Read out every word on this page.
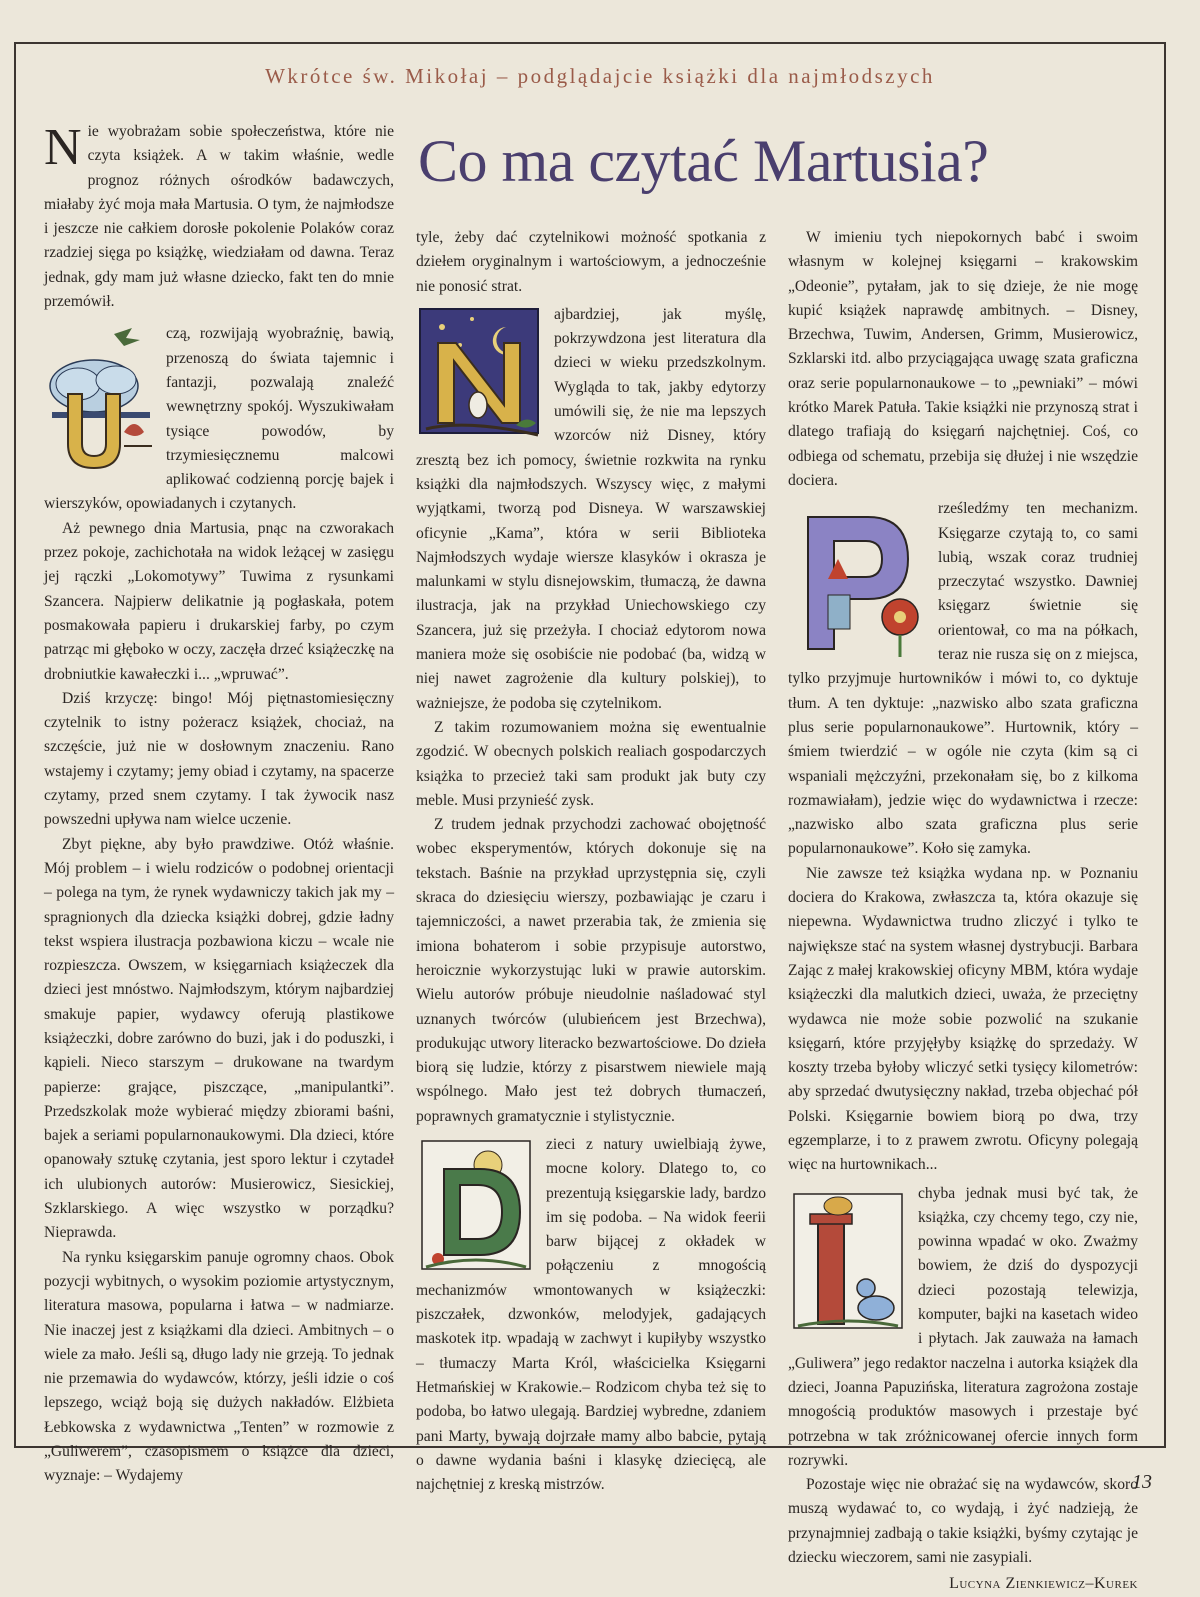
Wkrótce św. Mikołaj – podglądajcie książki dla najmłodszych
Co ma czytać Martusia?

Nie wyobrażam sobie społeczeństwa, które nie czyta książek. A w takim właśnie, wedle prognoz różnych ośrodków badawczych, miałaby żyć moja mała Martusia. O tym, że najmłodsze i jeszcze nie całkiem dorosłe pokolenie Polaków coraz rzadziej sięga po książkę, wiedziałam od dawna. Teraz jednak, gdy mam już własne dziecko, fakt ten do mnie przemówił.

czą, rozwijają wyobraźnię, bawią, przenoszą do świata tajemnic i fantazji, pozwalają znaleźć wewnętrzny spokój. Wyszukiwałam tysiące powodów, by trzymiesięcznemu malcowi aplikować codzienną porcję bajek i wierszyków, opowiadanych i czytanych.

Aż pewnego dnia Martusia, pnąc na czworakach przez pokoje, zachichotała na widok leżącej w zasięgu jej rączki „Lokomotywy” Tuwima z rysunkami Szancera. Najpierw delikatnie ją pogłaskała, potem posmakowała papieru i drukarskiej farby, po czym patrząc mi głęboko w oczy, zaczęła drzeć książeczkę na drobniutkie kawałeczki i... „wpruwać”.

Dziś krzyczę: bingo! Mój piętnastomiesięczny czytelnik to istny pożeracz książek, chociaż, na szczęście, już nie w dosłownym znaczeniu. Rano wstajemy i czytamy; jemy obiad i czytamy, na spacerze czytamy, przed snem czytamy. I tak żywocik nasz powszedni upływa nam wielce uczenie.

Zbyt piękne, aby było prawdziwe. Otóż właśnie. Mój problem – i wielu rodziców o podobnej orientacji – polega na tym, że rynek wydawniczy takich jak my – spragnionych dla dziecka książki dobrej, gdzie ładny tekst wspiera ilustracja pozbawiona kiczu – wcale nie rozpieszcza. Owszem, w księgarniach książeczek dla dzieci jest mnóstwo. Najmłodszym, którym najbardziej smakuje papier, wydawcy oferują plastikowe książeczki, dobre zarówno do buzi, jak i do poduszki, i kąpieli. Nieco starszym – drukowane na twardym papierze: grające, piszczące, „manipulantki”. Przedszkolak może wybierać między zbiorami baśni, bajek a seriami popularnonaukowymi. Dla dzieci, które opanowały sztukę czytania, jest sporo lektur i czytadeł ich ulubionych autorów: Musierowicz, Siesickiej, Szklarskiego. A więc wszystko w porządku? Nieprawda.

Na rynku księgarskim panuje ogromny chaos. Obok pozycji wybitnych, o wysokim poziomie artystycznym, literatura masowa, popularna i łatwa – w nadmiarze. Nie inaczej jest z książkami dla dzieci. Ambitnych – o wiele za mało. Jeśli są, długo lady nie grzeją. To jednak nie przemawia do wydawców, którzy, jeśli idzie o coś lepszego, wciąż boją się dużych nakładów. Elżbieta Łebkowska z wydawnictwa „Tenten” w rozmowie z „Guliwerem”, czasopismem o książce dla dzieci, wyznaje: – Wydajemy

tyle, żeby dać czytelnikowi możność spotkania z dziełem oryginalnym i wartościowym, a jednocześnie nie ponosić strat.

ajbardziej, jak myślę, pokrzywdzona jest literatura dla dzieci w wieku przedszkolnym. Wygląda to tak, jakby edytorzy umówili się, że nie ma lepszych wzorców niż Disney, który zresztą bez ich pomocy, świetnie rozkwita na rynku książki dla najmłodszych. Wszyscy więc, z małymi wyjątkami, tworzą pod Disneya. W warszawskiej oficynie „Kama”, która w serii Biblioteka Najmłodszych wydaje wiersze klasyków i okrasza je malunkami w stylu disnejowskim, tłumaczą, że dawna ilustracja, jak na przykład Uniechowskiego czy Szancera, już się przeżyła. I chociaż edytorom nowa maniera może się osobiście nie podobać (ba, widzą w niej nawet zagrożenie dla kultury polskiej), to ważniejsze, że podoba się czytelnikom.

Z takim rozumowaniem można się ewentualnie zgodzić. W obecnych polskich realiach gospodarczych książka to przecież taki sam produkt jak buty czy meble. Musi przynieść zysk.

Z trudem jednak przychodzi zachować obojętność wobec eksperymentów, których dokonuje się na tekstach. Baśnie na przykład uprzystępnia się, czyli skraca do dziesięciu wierszy, pozbawiając je czaru i tajemniczości, a nawet przerabia tak, że zmienia się imiona bohaterom i sobie przypisuje autorstwo, heroicznie wykorzystując luki w prawie autorskim. Wielu autorów próbuje nieudolnie naśladować styl uznanych twórców (ulubieńcem jest Brzechwa), produkując utwory literacko bezwartościowe. Do dzieła biorą się ludzie, którzy z pisarstwem niewiele mają wspólnego. Mało jest też dobrych tłumaczeń, poprawnych gramatycznie i stylistycznie.

zieci z natury uwielbiają żywe, mocne kolory. Dlatego to, co prezentują księgarskie lady, bardzo im się podoba. – Na widok feerii barw bijącej z okładek w połączeniu z mnogością mechanizmów wmontowanych w książeczki: piszczałek, dzwonków, melodyjek, gadających maskotek itp. wpadają w zachwyt i kupiłyby wszystko – tłumaczy Marta Król, właścicielka Księgarni Hetmańskiej w Krakowie.– Rodzicom chyba też się to podoba, bo łatwo ulegają. Bardziej wybredne, zdaniem pani Marty, bywają dojrzałe mamy albo babcie, pytają o dawne wydania baśni i klasykę dziecięcą, ale najchętniej z kreską mistrzów.

W imieniu tych niepokornych babć i swoim własnym w kolejnej księgarni – krakowskim „Odeonie”, pytałam, jak to się dzieje, że nie mogę kupić książek naprawdę ambitnych. – Disney, Brzechwa, Tuwim, Andersen, Grimm, Musierowicz, Szklarski itd. albo przyciągająca uwagę szata graficzna oraz serie popularnonaukowe – to „pewniaki” – mówi krótko Marek Patuła. Takie książki nie przynoszą strat i dlatego trafiają do księgarń najchętniej. Coś, co odbiega od schematu, przebija się dłużej i nie wszędzie dociera.

rześledźmy ten mechanizm. Księgarze czytają to, co sami lubią, wszak coraz trudniej przeczytać wszystko. Dawniej księgarz świetnie się orientował, co ma na półkach, teraz nie rusza się on z miejsca, tylko przyjmuje hurtowników i mówi to, co dyktuje tłum. A ten dyktuje: „nazwisko albo szata graficzna plus serie popularnonaukowe”. Hurtownik, który – śmiem twierdzić – w ogóle nie czyta (kim są ci wspaniali mężczyźni, przekonałam się, bo z kilkoma rozmawiałam), jedzie więc do wydawnictwa i rzecze: „nazwisko albo szata graficzna plus serie popularnonaukowe”. Koło się zamyka.

Nie zawsze też książka wydana np. w Poznaniu dociera do Krakowa, zwłaszcza ta, która okazuje się niepewna. Wydawnictwa trudno zliczyć i tylko te największe stać na system własnej dystrybucji. Barbara Zając z małej krakowskiej oficyny MBM, która wydaje książeczki dla malutkich dzieci, uważa, że przeciętny wydawca nie może sobie pozwolić na szukanie księgarń, które przyjęłyby książkę do sprzedaży. W koszty trzeba byłoby wliczyć setki tysięcy kilometrów: aby sprzedać dwutysięczny nakład, trzeba objechać pół Polski. Księgarnie bowiem biorą po dwa, trzy egzemplarze, i to z prawem zwrotu. Oficyny polegają więc na hurtownikach...

chyba jednak musi być tak, że książka, czy chcemy tego, czy nie, powinna wpadać w oko. Zważmy bowiem, że dziś do dyspozycji dzieci pozostają telewizja, komputer, bajki na kasetach wideo i płytach. Jak zauważa na łamach „Guliwera” jego redaktor naczelna i autorka książek dla dzieci, Joanna Papuzińska, literatura zagrożona zostaje mnogością produktów masowych i przestaje być potrzebna w tak zróżnicowanej ofercie innych form rozrywki.

Pozostaje więc nie obrażać się na wydawców, skoro muszą wydawać to, co wydają, i żyć nadzieją, że przynajmniej zadbają o takie książki, byśmy czytając je dziecku wieczorem, sami nie zasypiali.

Lucyna Zienkiewicz–Kurek
13
